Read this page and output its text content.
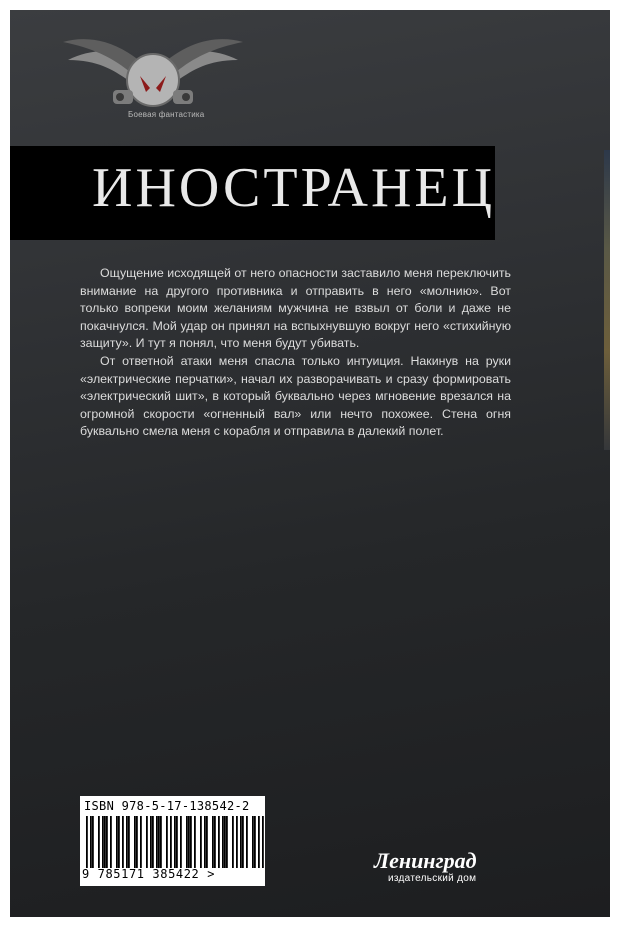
Боевая фантастика
ИНОСТРАНЕЦ

Ощущение исходящей от него опасности заставило меня переключить внимание на другого противника и отправить в него «молнию». Вот только вопреки моим желаниям мужчина не взвыл от боли и даже не покачнулся. Мой удар он принял на вспыхнувшую вокруг него «стихийную защиту». И тут я понял, что меня будут убивать.

От ответной атаки меня спасла только интуиция. Накинув на руки «электрические перчатки», начал их разворачивать и сразу формировать «электрический шит», в который буквально через мгновение врезался на огромной скорости «огненный вал» или нечто похожее. Стена огня буквально смела меня с корабля и отправила в далекий полет.

ISBN 978-5-17-138542-2
9 785171 385422 >
Ленинград
издательский дом
